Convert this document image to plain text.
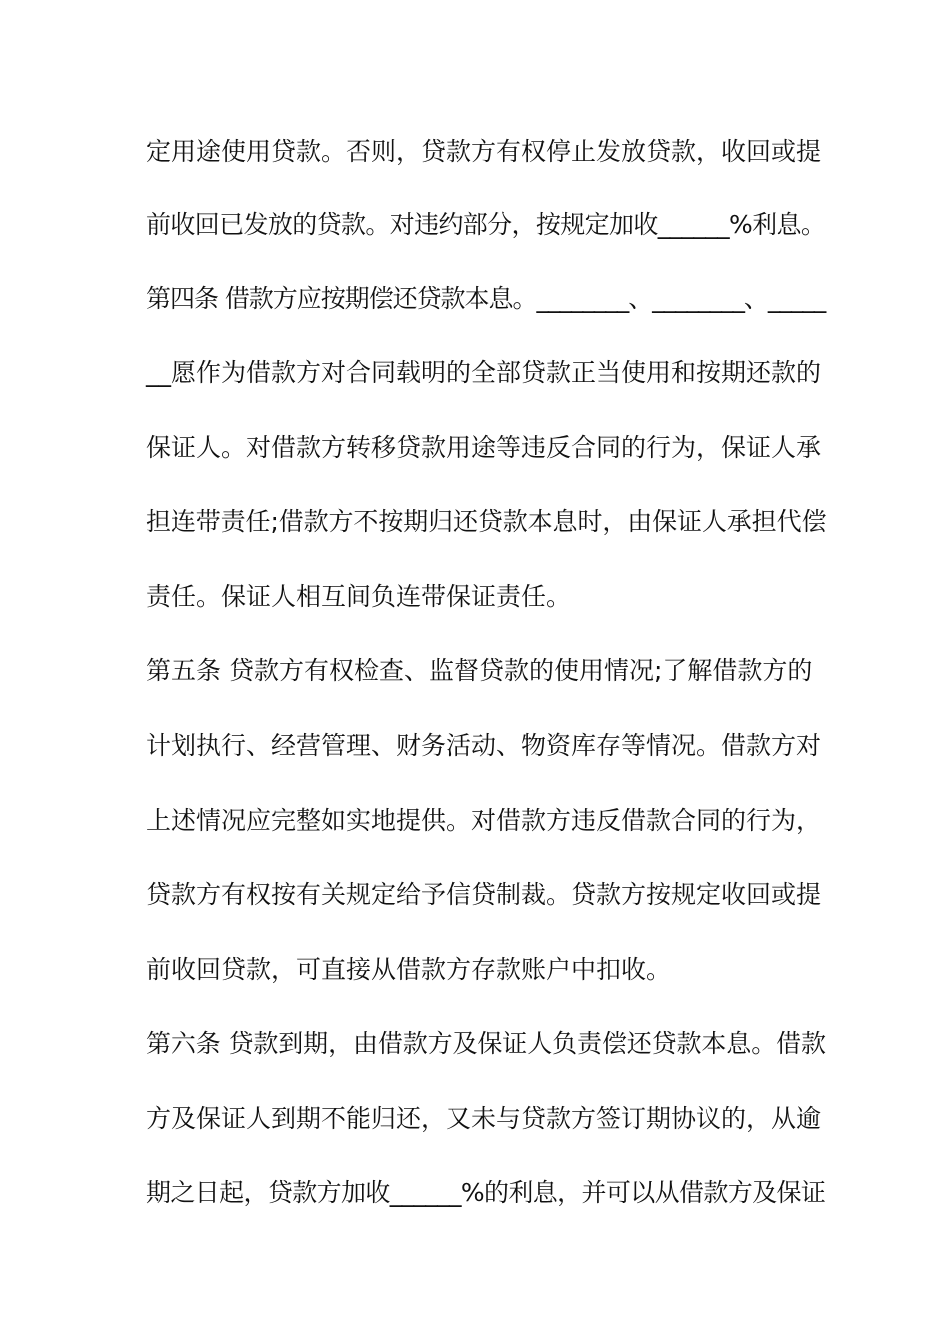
定用途使用贷款。否则，贷款方有权停止发放贷款，收回或提
前收回已发放的贷款。对违约部分，按规定加收______%利息。
第四条 借款方应按期偿还贷款本息。________、________、_____
__愿作为借款方对合同载明的全部贷款正当使用和按期还款的
保证人。对借款方转移贷款用途等违反合同的行为，保证人承
担连带责任;借款方不按期归还贷款本息时，由保证人承担代偿
责任。保证人相互间负连带保证责任。
第五条 贷款方有权检查、监督贷款的使用情况;了解借款方的
计划执行、经营管理、财务活动、物资库存等情况。借款方对
上述情况应完整如实地提供。对借款方违反借款合同的行为，
贷款方有权按有关规定给予信贷制裁。贷款方按规定收回或提
前收回贷款，可直接从借款方存款账户中扣收。
第六条 贷款到期，由借款方及保证人负责偿还贷款本息。借款
方及保证人到期不能归还，又未与贷款方签订期协议的，从逾
期之日起，贷款方加收______%的利息，并可以从借款方及保证
